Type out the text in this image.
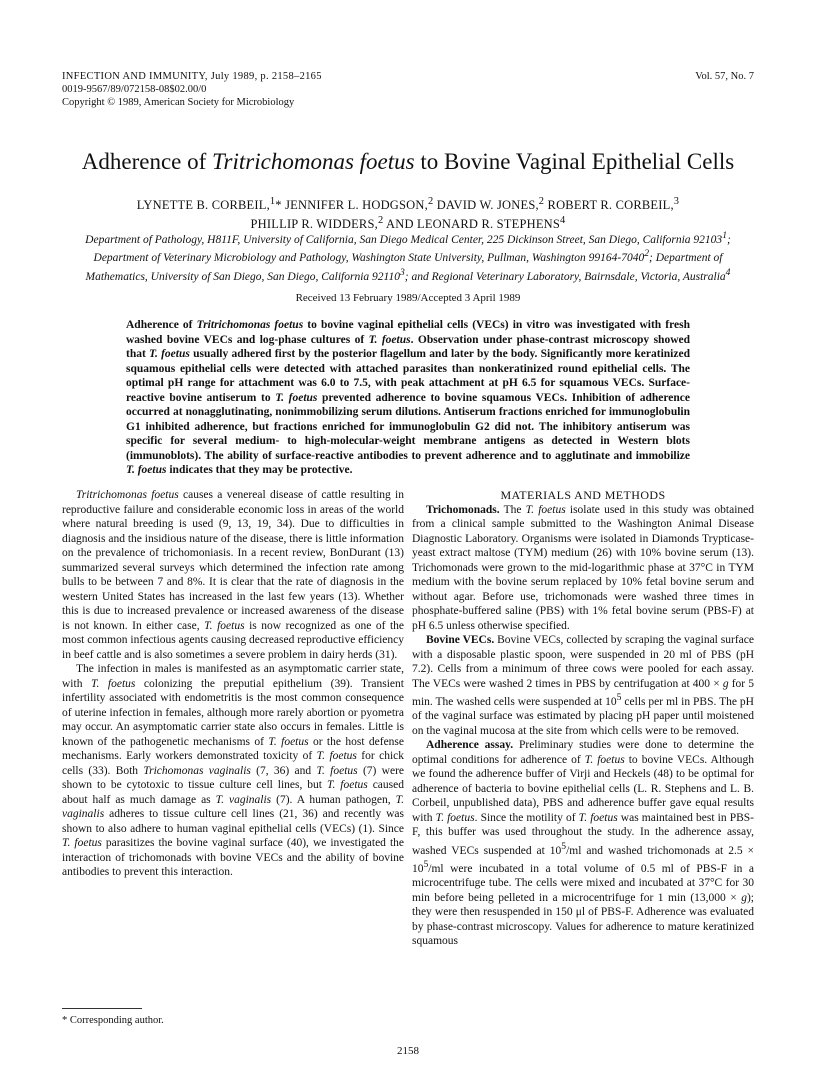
INFECTION AND IMMUNITY, July 1989, p. 2158–2165	Vol. 57, No. 7
0019-9567/89/072158-08$02.00/0
Copyright © 1989, American Society for Microbiology
Adherence of Tritrichomonas foetus to Bovine Vaginal Epithelial Cells
LYNETTE B. CORBEIL,$^1$* JENNIFER L. HODGSON,$^2$ DAVID W. JONES,$^2$ ROBERT R. CORBEIL,$^3$
PHILLIP R. WIDDERS,$^2$ AND LEONARD R. STEPHENS$^4$
Department of Pathology, H811F, University of California, San Diego Medical Center, 225 Dickinson Street, San Diego, California 92103$^1$; Department of Veterinary Microbiology and Pathology, Washington State University, Pullman, Washington 99164-7040$^2$; Department of Mathematics, University of San Diego, San Diego, California 92110$^3$; and Regional Veterinary Laboratory, Bairnsdale, Victoria, Australia$^4$
Received 13 February 1989/Accepted 3 April 1989
Adherence of Tritrichomonas foetus to bovine vaginal epithelial cells (VECs) in vitro was investigated with fresh washed bovine VECs and log-phase cultures of T. foetus. Observation under phase-contrast microscopy showed that T. foetus usually adhered first by the posterior flagellum and later by the body. Significantly more keratinized squamous epithelial cells were detected with attached parasites than nonkeratinized round epithelial cells. The optimal pH range for attachment was 6.0 to 7.5, with peak attachment at pH 6.5 for squamous VECs. Surface-reactive bovine antiserum to T. foetus prevented adherence to bovine squamous VECs. Inhibition of adherence occurred at nonagglutinating, nonimmobilizing serum dilutions. Antiserum fractions enriched for immunoglobulin G1 inhibited adherence, but fractions enriched for immunoglobulin G2 did not. The inhibitory antiserum was specific for several medium- to high-molecular-weight membrane antigens as detected in Western blots (immunoblots). The ability of surface-reactive antibodies to prevent adherence and to agglutinate and immobilize T. foetus indicates that they may be protective.

Tritrichomonas foetus causes a venereal disease of cattle resulting in reproductive failure and considerable economic loss in areas of the world where natural breeding is used (9, 13, 19, 34). Due to difficulties in diagnosis and the insidious nature of the disease, there is little information on the prevalence of trichomoniasis. In a recent review, BonDurant (13) summarized several surveys which determined the infection rate among bulls to be between 7 and 8%. It is clear that the rate of diagnosis in the western United States has increased in the last few years (13). Whether this is due to increased prevalence or increased awareness of the disease is not known. In either case, T. foetus is now recognized as one of the most common infectious agents causing decreased reproductive efficiency in beef cattle and is also sometimes a severe problem in dairy herds (31).

The infection in males is manifested as an asymptomatic carrier state, with T. foetus colonizing the preputial epithelium (39). Transient infertility associated with endometritis is the most common consequence of uterine infection in females, although more rarely abortion or pyometra may occur. An asymptomatic carrier state also occurs in females. Little is known of the pathogenetic mechanisms of T. foetus or the host defense mechanisms. Early workers demonstrated toxicity of T. foetus for chick cells (33). Both Trichomonas vaginalis (7, 36) and T. foetus (7) were shown to be cytotoxic to tissue culture cell lines, but T. foetus caused about half as much damage as T. vaginalis (7). A human pathogen, T. vaginalis adheres to tissue culture cell lines (21, 36) and recently was shown to also adhere to human vaginal epithelial cells (VECs) (1). Since T. foetus parasitizes the bovine vaginal surface (40), we investigated the interaction of trichomonads with bovine VECs and the ability of bovine antibodies to prevent this interaction.

MATERIALS AND METHODS

Trichomonads. The T. foetus isolate used in this study was obtained from a clinical sample submitted to the Washington Animal Disease Diagnostic Laboratory. Organisms were isolated in Diamonds Trypticase-yeast extract maltose (TYM) medium (26) with 10% bovine serum (13). Trichomonads were grown to the mid-logarithmic phase at 37°C in TYM medium with the bovine serum replaced by 10% fetal bovine serum and without agar. Before use, trichomonads were washed three times in phosphate-buffered saline (PBS) with 1% fetal bovine serum (PBS-F) at pH 6.5 unless otherwise specified.

Bovine VECs. Bovine VECs, collected by scraping the vaginal surface with a disposable plastic spoon, were suspended in 20 ml of PBS (pH 7.2). Cells from a minimum of three cows were pooled for each assay. The VECs were washed 2 times in PBS by centrifugation at 400 × g for 5 min. The washed cells were suspended at $10^5$ cells per ml in PBS. The pH of the vaginal surface was estimated by placing pH paper until moistened on the vaginal mucosa at the site from which cells were to be removed.

Adherence assay. Preliminary studies were done to determine the optimal conditions for adherence of T. foetus to bovine VECs. Although we found the adherence buffer of Virji and Heckels (48) to be optimal for adherence of bacteria to bovine epithelial cells (L. R. Stephens and L. B. Corbeil, unpublished data), PBS and adherence buffer gave equal results with T. foetus. Since the motility of T. foetus was maintained best in PBS-F, this buffer was used throughout the study. In the adherence assay, washed VECs suspended at $10^5/ml$ and washed trichomonads at $2.5 \times 10^5/ml$ were incubated in a total volume of 0.5 ml of PBS-F in a microcentrifuge tube. The cells were mixed and incubated at 37°C for 30 min before being pelleted in a microcentrifuge for 1 min (13,000 × g); they were then resuspended in 150 μl of PBS-F. Adherence was evaluated by phase-contrast microscopy. Values for adherence to mature keratinized squamous

* Corresponding author.
2158
